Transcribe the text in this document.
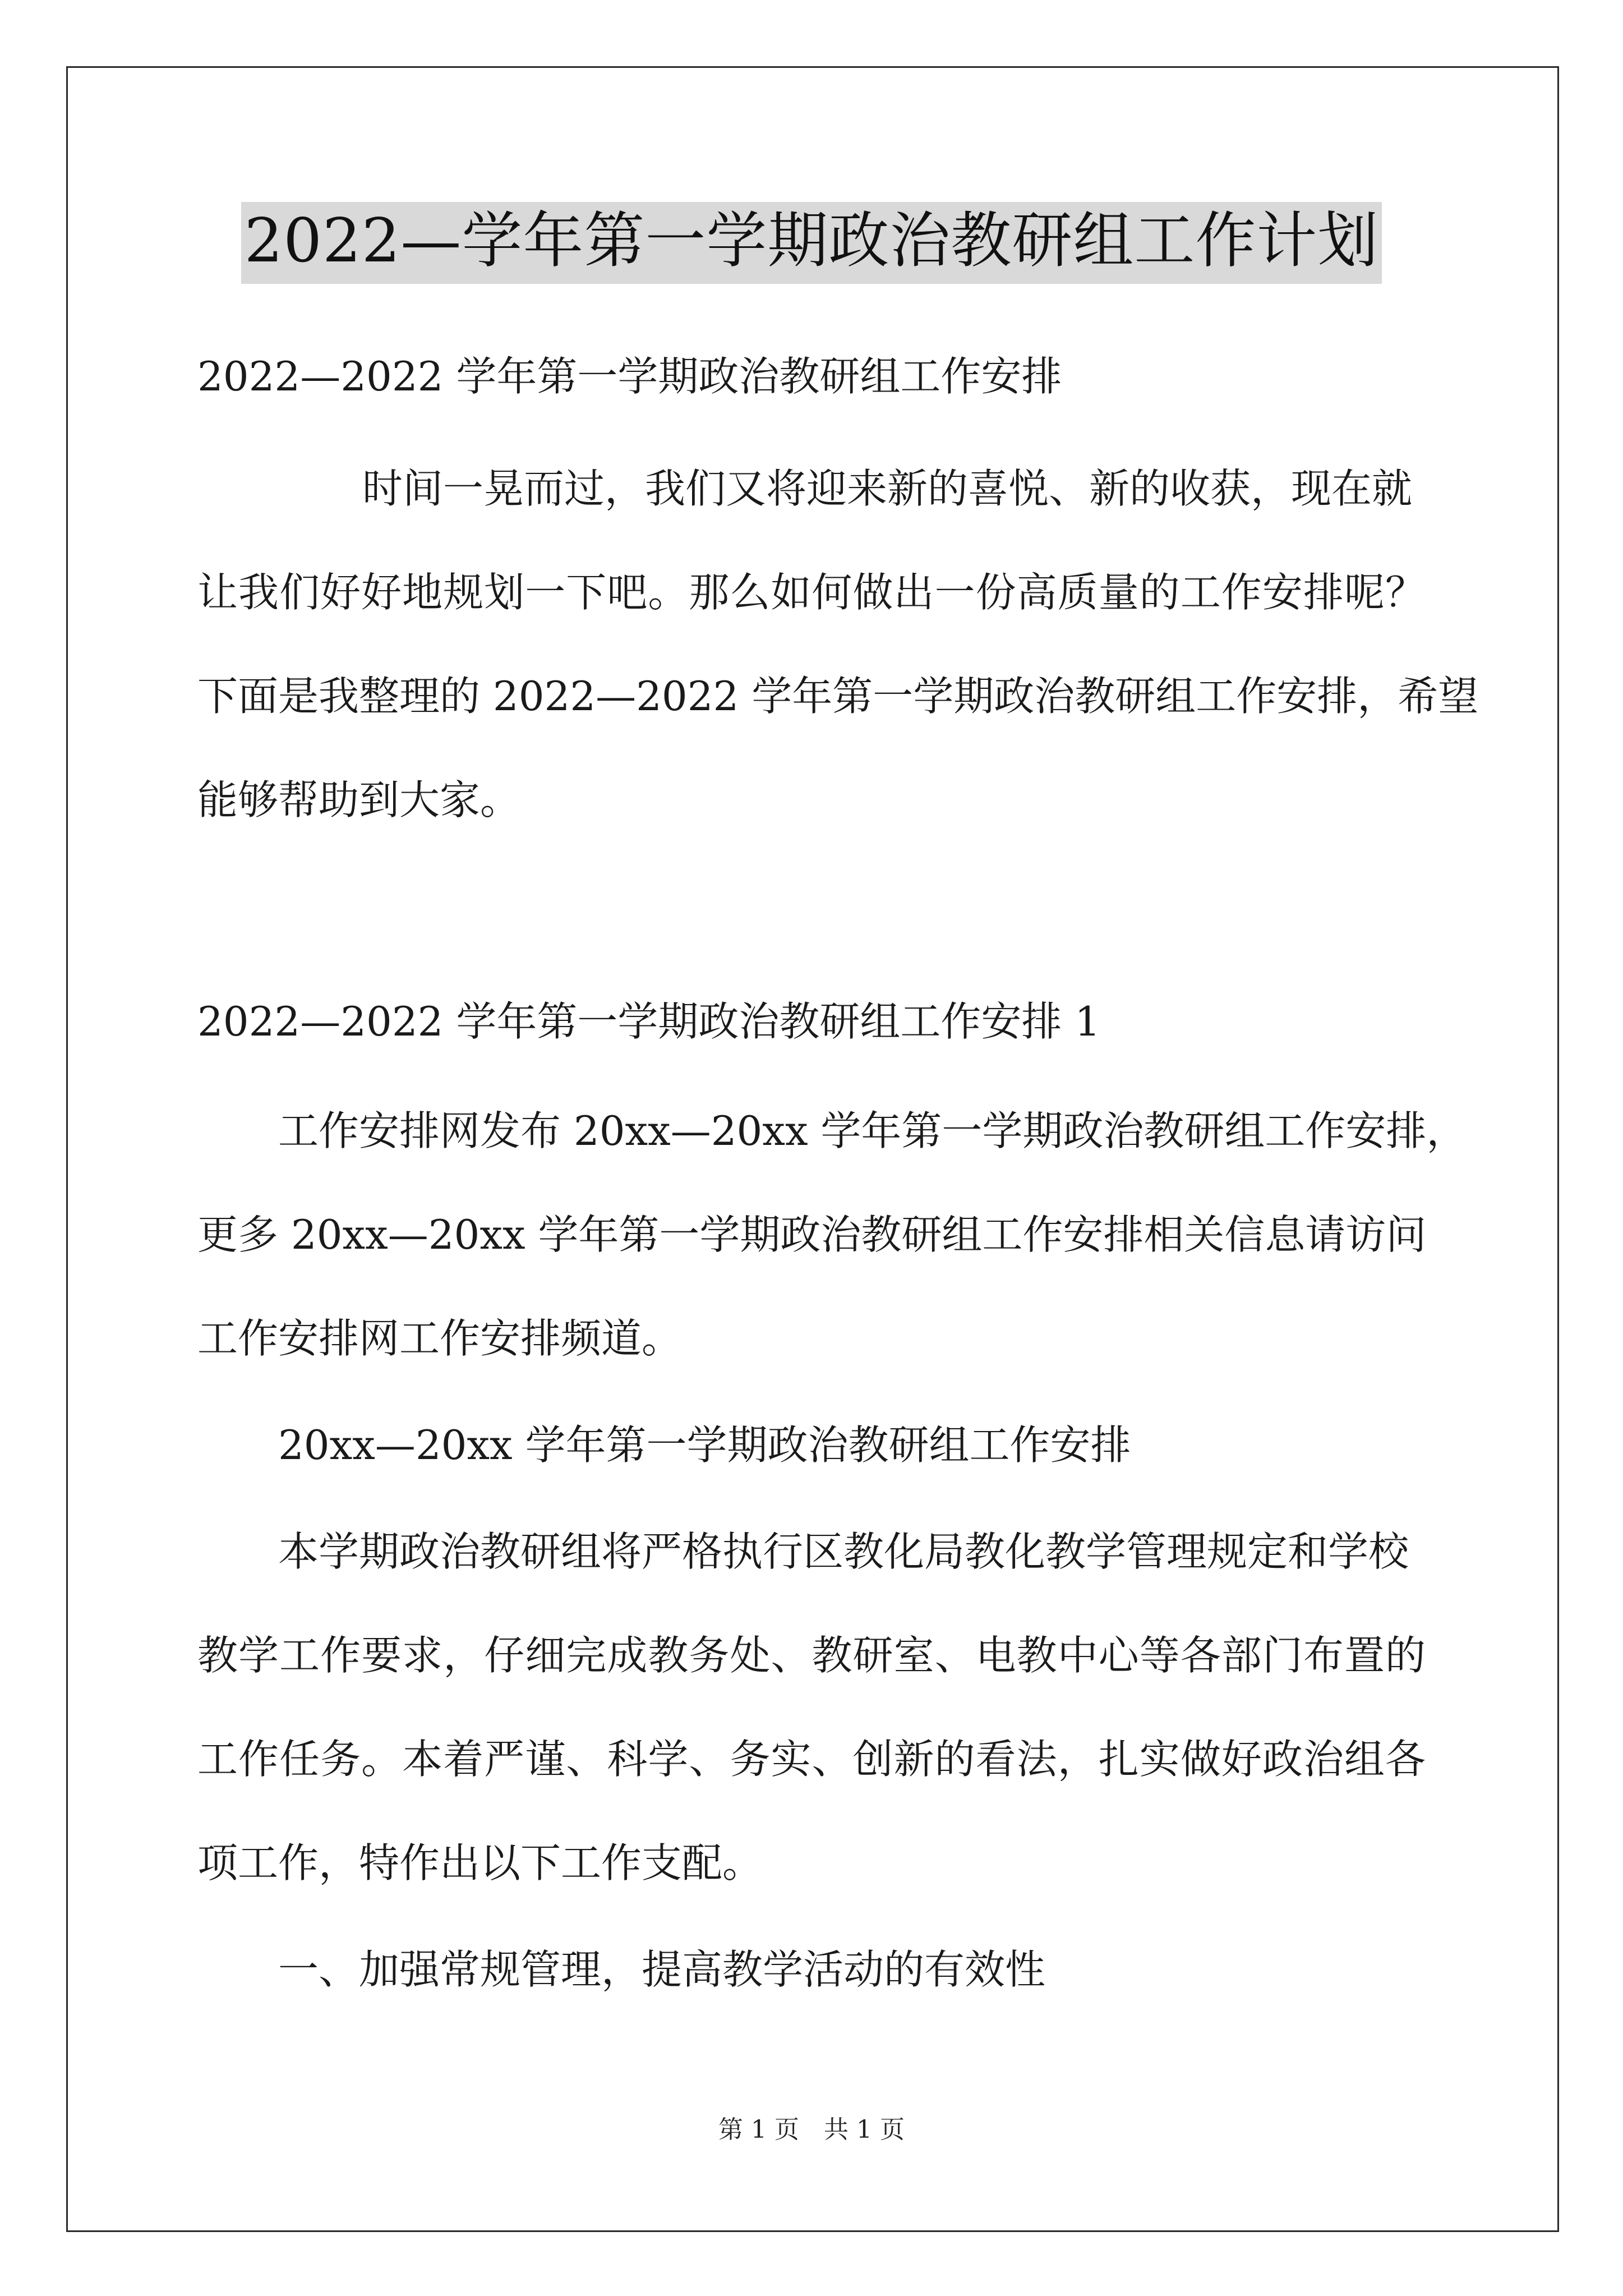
2022—学年第一学期政治教研组工作计划
2022—2022 学年第一学期政治教研组工作安排
时间一晃而过，我们又将迎来新的喜悦、新的收获，现在就
让我们好好地规划一下吧。那么如何做出一份高质量的工作安排呢？
下面是我整理的 2022—2022 学年第一学期政治教研组工作安排，希望
能够帮助到大家。
2022—2022 学年第一学期政治教研组工作安排 1
工作安排网发布 20xx—20xx 学年第一学期政治教研组工作安排，
更多 20xx—20xx 学年第一学期政治教研组工作安排相关信息请访问
工作安排网工作安排频道。
20xx—20xx 学年第一学期政治教研组工作安排
本学期政治教研组将严格执行区教化局教化教学管理规定和学校
教学工作要求，仔细完成教务处、教研室、电教中心等各部门布置的
工作任务。本着严谨、科学、务实、创新的看法，扎实做好政治组各
项工作，特作出以下工作支配。
一、加强常规管理，提高教学活动的有效性
第 1 页　共 1 页
